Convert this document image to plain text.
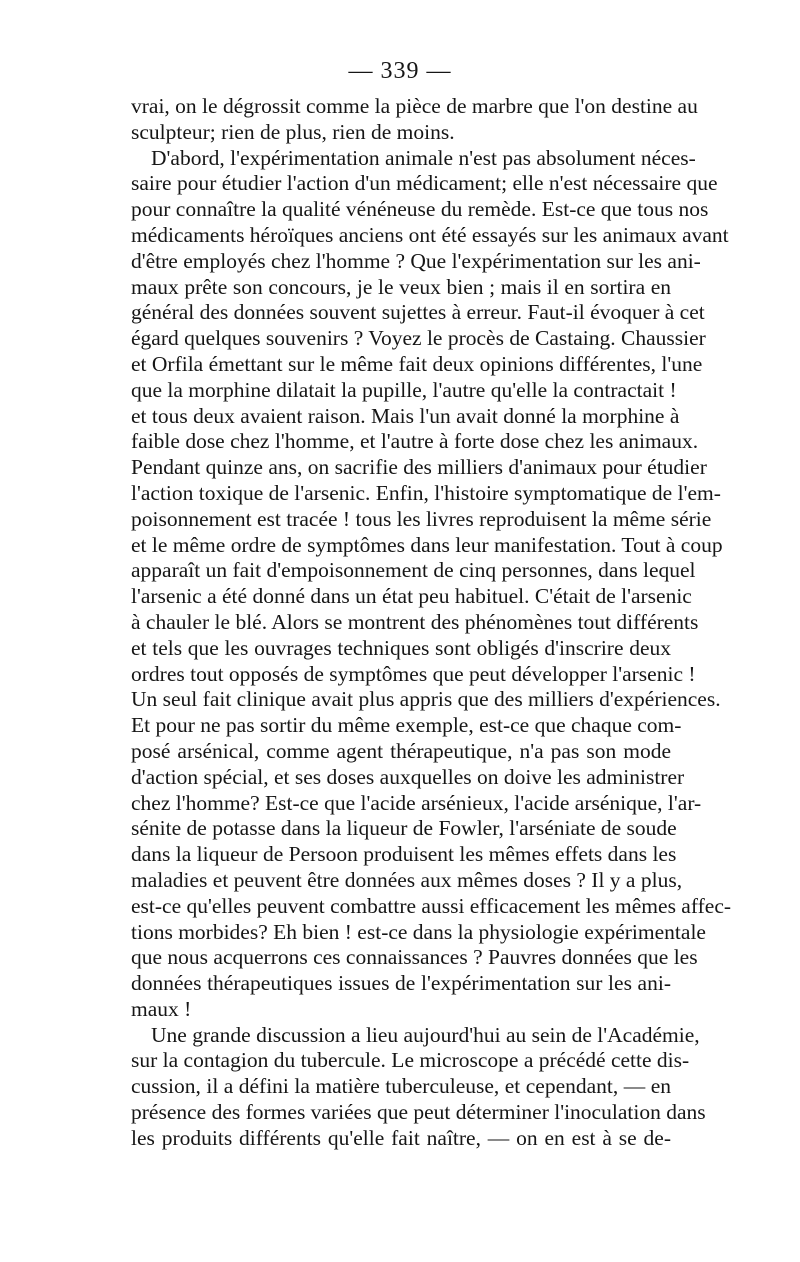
— 339 —
vrai, on le dégrossit comme la pièce de marbre que l'on destine au
sculpteur; rien de plus, rien de moins.
D'abord, l'expérimentation animale n'est pas absolument néces-
saire pour étudier l'action d'un médicament; elle n'est nécessaire que
pour connaître la qualité vénéneuse du remède. Est-ce que tous nos
médicaments héroïques anciens ont été essayés sur les animaux avant
d'être employés chez l'homme ? Que l'expérimentation sur les ani-
maux prête son concours, je le veux bien ; mais il en sortira en
général des données souvent sujettes à erreur. Faut-il évoquer à cet
égard quelques souvenirs ? Voyez le procès de Castaing. Chaussier
et Orfila émettant sur le même fait deux opinions différentes, l'une
que la morphine dilatait la pupille, l'autre qu'elle la contractait !
et tous deux avaient raison. Mais l'un avait donné la morphine à
faible dose chez l'homme, et l'autre à forte dose chez les animaux.
Pendant quinze ans, on sacrifie des milliers d'animaux pour étudier
l'action toxique de l'arsenic. Enfin, l'histoire symptomatique de l'em-
poisonnement est tracée ! tous les livres reproduisent la même série
et le même ordre de symptômes dans leur manifestation. Tout à coup
apparaît un fait d'empoisonnement de cinq personnes, dans lequel
l'arsenic a été donné dans un état peu habituel. C'était de l'arsenic
à chauler le blé. Alors se montrent des phénomènes tout différents
et tels que les ouvrages techniques sont obligés d'inscrire deux
ordres tout opposés de symptômes que peut développer l'arsenic !
Un seul fait clinique avait plus appris que des milliers d'expériences.
Et pour ne pas sortir du même exemple, est-ce que chaque com-
posé arsénical, comme agent thérapeutique, n'a pas son mode
d'action spécial, et ses doses auxquelles on doive les administrer
chez l'homme? Est-ce que l'acide arsénieux, l'acide arsénique, l'ar-
sénite de potasse dans la liqueur de Fowler, l'arséniate de soude
dans la liqueur de Persoon produisent les mêmes effets dans les
maladies et peuvent être données aux mêmes doses ? Il y a plus,
est-ce qu'elles peuvent combattre aussi efficacement les mêmes affec-
tions morbides? Eh bien ! est-ce dans la physiologie expérimentale
que nous acquerrons ces connaissances ? Pauvres données que les
données thérapeutiques issues de l'expérimentation sur les ani-
maux !
Une grande discussion a lieu aujourd'hui au sein de l'Académie,
sur la contagion du tubercule. Le microscope a précédé cette dis-
cussion, il a défini la matière tuberculeuse, et cependant, — en
présence des formes variées que peut déterminer l'inoculation dans
les produits différents qu'elle fait naître, — on en est à se de-
